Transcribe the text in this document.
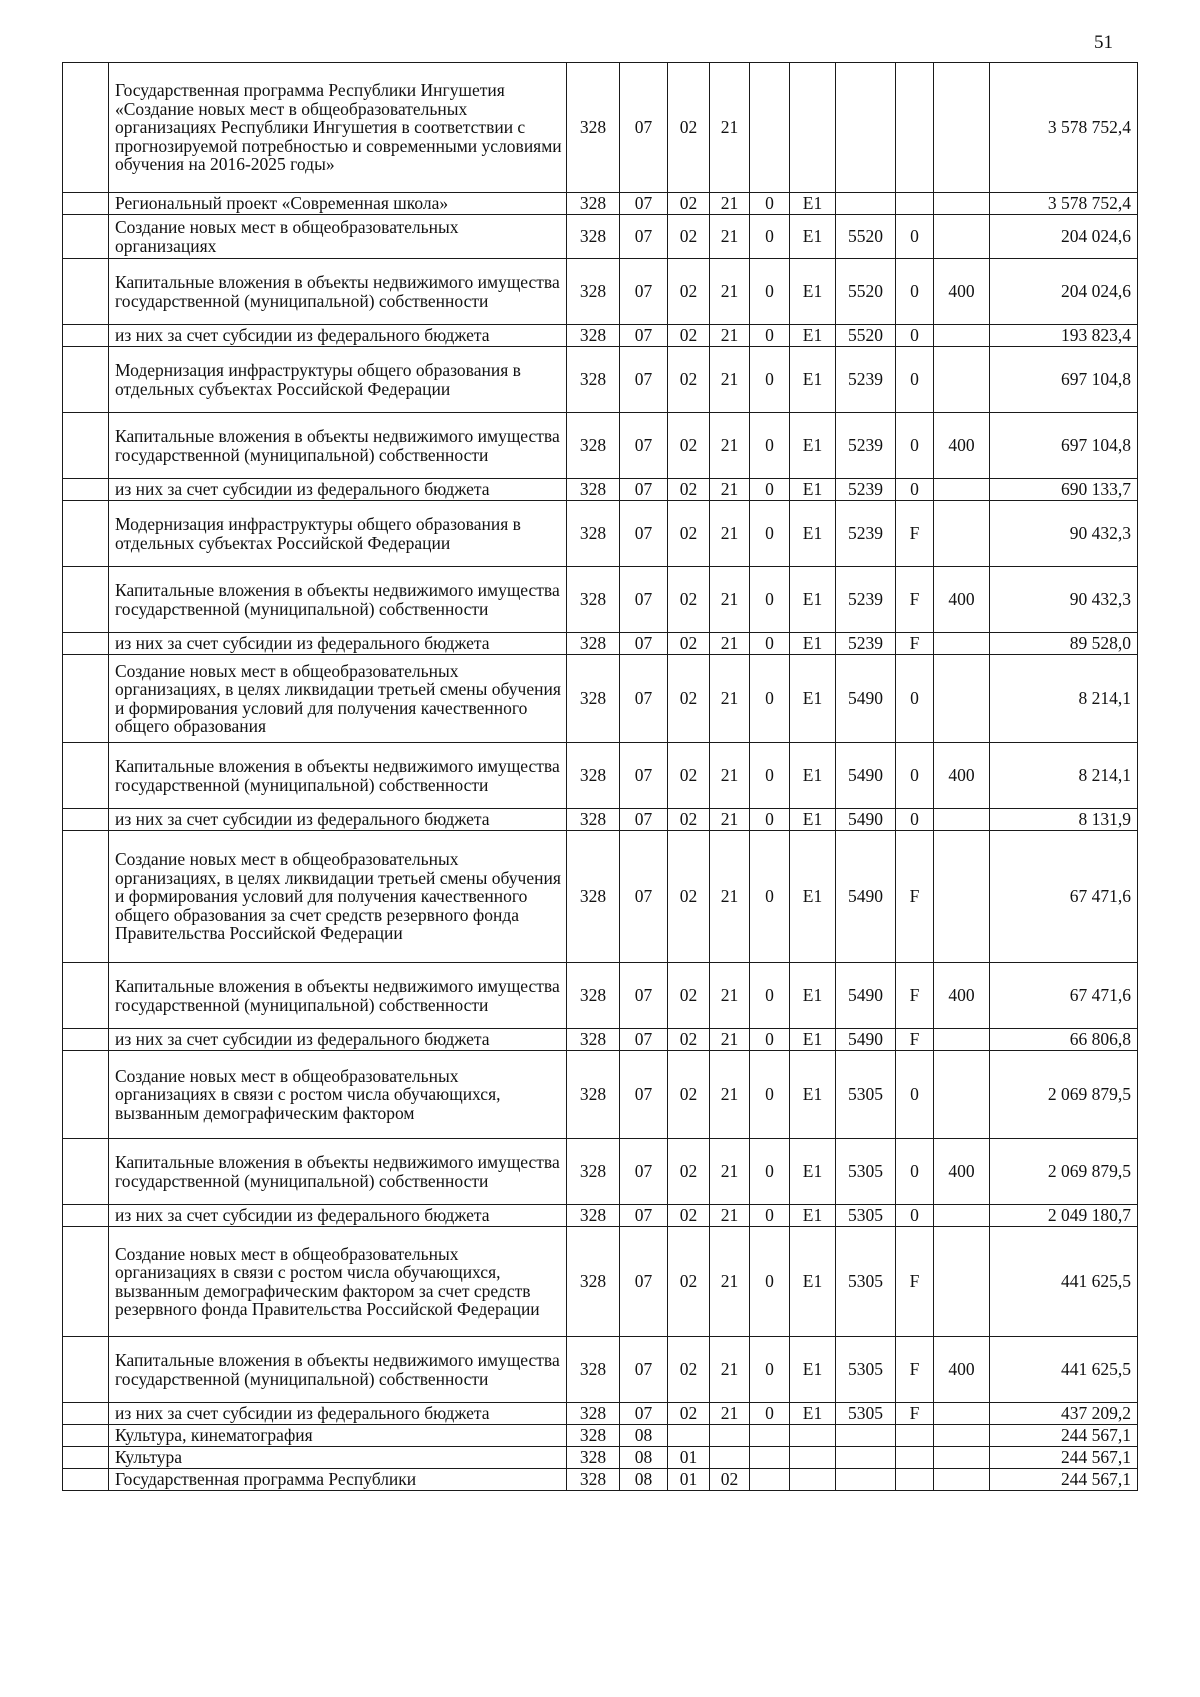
51
	Государственная программа Республики Ингушетия «Создание новых мест в общеобразовательных организациях Республики Ингушетия в соответствии с прогнозируемой потребностью и современными условиями обучения на 2016-2025 годы»	328	07	02	21						3 578 752,4
	Региональный проект «Современная школа»	328	07	02	21	0	E1				3 578 752,4
	Создание новых мест в общеобразовательных организациях	328	07	02	21	0	E1	5520	0		204 024,6
	Капитальные вложения в объекты недвижимого имущества государственной (муниципальной) собственности	328	07	02	21	0	E1	5520	0	400	204 024,6
	из них за счет субсидии из федерального бюджета	328	07	02	21	0	E1	5520	0		193 823,4
	Модернизация инфраструктуры общего образования в отдельных субъектах Российской Федерации	328	07	02	21	0	E1	5239	0		697 104,8
	Капитальные вложения в объекты недвижимого имущества государственной (муниципальной) собственности	328	07	02	21	0	E1	5239	0	400	697 104,8
	из них за счет субсидии из федерального бюджета	328	07	02	21	0	E1	5239	0		690 133,7
	Модернизация инфраструктуры общего образования в отдельных субъектах Российской Федерации	328	07	02	21	0	E1	5239	F		90 432,3
	Капитальные вложения в объекты недвижимого имущества государственной (муниципальной) собственности	328	07	02	21	0	E1	5239	F	400	90 432,3
	из них за счет субсидии из федерального бюджета	328	07	02	21	0	E1	5239	F		89 528,0
	Создание новых мест в общеобразовательных организациях, в целях ликвидации третьей смены обучения и формирования условий для получения качественного общего образования	328	07	02	21	0	E1	5490	0		8 214,1
	Капитальные вложения в объекты недвижимого имущества государственной (муниципальной) собственности	328	07	02	21	0	E1	5490	0	400	8 214,1
	из них за счет субсидии из федерального бюджета	328	07	02	21	0	E1	5490	0		8 131,9
	Создание новых мест в общеобразовательных организациях, в целях ликвидации третьей смены обучения и формирования условий для получения качественного общего образования за счет средств резервного фонда Правительства Российской Федерации	328	07	02	21	0	E1	5490	F		67 471,6
	Капитальные вложения в объекты недвижимого имущества государственной (муниципальной) собственности	328	07	02	21	0	E1	5490	F	400	67 471,6
	из них за счет субсидии из федерального бюджета	328	07	02	21	0	E1	5490	F		66 806,8
	Создание новых мест в общеобразовательных организациях в связи с ростом числа обучающихся, вызванным демографическим фактором	328	07	02	21	0	E1	5305	0		2 069 879,5
	Капитальные вложения в объекты недвижимого имущества государственной (муниципальной) собственности	328	07	02	21	0	E1	5305	0	400	2 069 879,5
	из них за счет субсидии из федерального бюджета	328	07	02	21	0	E1	5305	0		2 049 180,7
	Создание новых мест в общеобразовательных организациях в связи с ростом числа обучающихся, вызванным демографическим фактором за счет средств резервного фонда Правительства Российской Федерации	328	07	02	21	0	E1	5305	F		441 625,5
	Капитальные вложения в объекты недвижимого имущества государственной (муниципальной) собственности	328	07	02	21	0	E1	5305	F	400	441 625,5
	из них за счет субсидии из федерального бюджета	328	07	02	21	0	E1	5305	F		437 209,2
	Культура, кинематография	328	08								244 567,1
	Культура	328	08	01							244 567,1
	Государственная программа Республики	328	08	01	02						244 567,1
